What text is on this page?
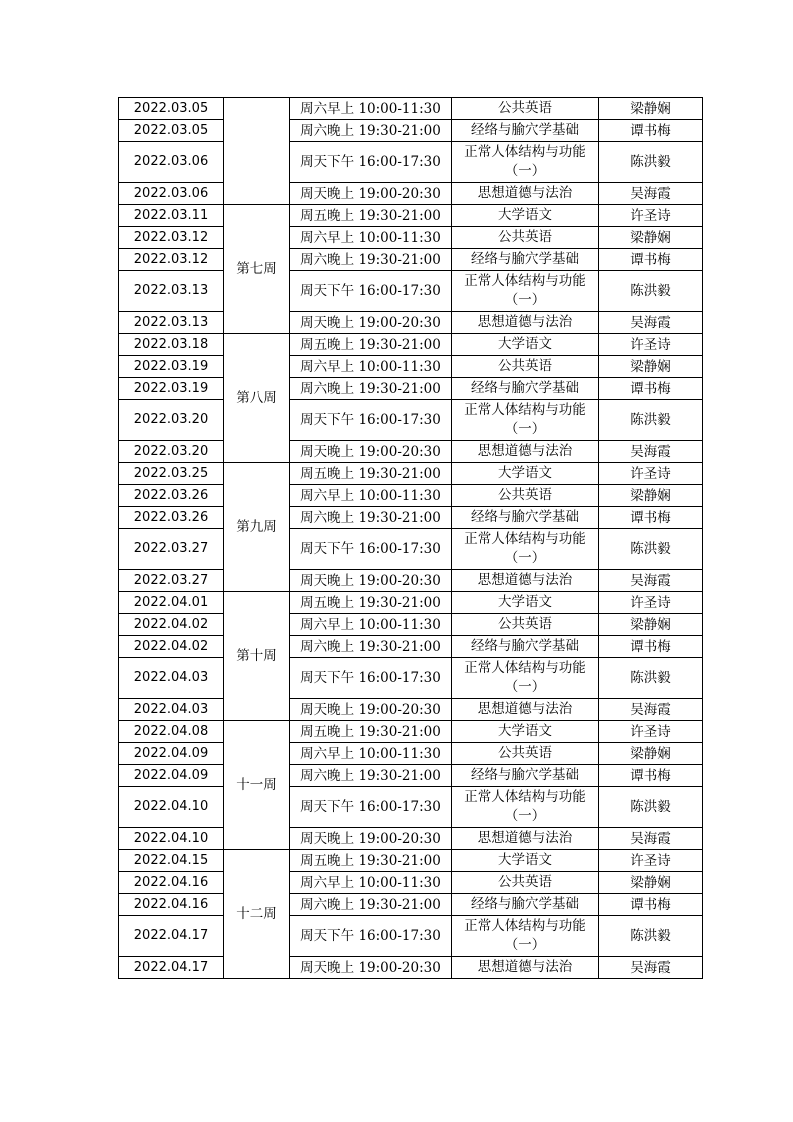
2022.03.05		周六早上 10:00-11:30	公共英语	梁静娴
2022.03.05		周六晚上 19:30-21:00	经络与腧穴学基础	谭书梅
2022.03.06		周天下午 16:00-17:30	正常人体结构与功能（一）	陈洪毅
2022.03.06		周天晚上 19:00-20:30	思想道德与法治	吴海霞
2022.03.11	第七周	周五晚上 19:30-21:00	大学语文	许圣诗
2022.03.12		周六早上 10:00-11:30	公共英语	梁静娴
2022.03.12		周六晚上 19:30-21:00	经络与腧穴学基础	谭书梅
2022.03.13		周天下午 16:00-17:30	正常人体结构与功能（一）	陈洪毅
2022.03.13		周天晚上 19:00-20:30	思想道德与法治	吴海霞
2022.03.18	第八周	周五晚上 19:30-21:00	大学语文	许圣诗
2022.03.19		周六早上 10:00-11:30	公共英语	梁静娴
2022.03.19		周六晚上 19:30-21:00	经络与腧穴学基础	谭书梅
2022.03.20		周天下午 16:00-17:30	正常人体结构与功能（一）	陈洪毅
2022.03.20		周天晚上 19:00-20:30	思想道德与法治	吴海霞
2022.03.25	第九周	周五晚上 19:30-21:00	大学语文	许圣诗
2022.03.26		周六早上 10:00-11:30	公共英语	梁静娴
2022.03.26		周六晚上 19:30-21:00	经络与腧穴学基础	谭书梅
2022.03.27		周天下午 16:00-17:30	正常人体结构与功能（一）	陈洪毅
2022.03.27		周天晚上 19:00-20:30	思想道德与法治	吴海霞
2022.04.01	第十周	周五晚上 19:30-21:00	大学语文	许圣诗
2022.04.02		周六早上 10:00-11:30	公共英语	梁静娴
2022.04.02		周六晚上 19:30-21:00	经络与腧穴学基础	谭书梅
2022.04.03		周天下午 16:00-17:30	正常人体结构与功能（一）	陈洪毅
2022.04.03		周天晚上 19:00-20:30	思想道德与法治	吴海霞
2022.04.08	十一周	周五晚上 19:30-21:00	大学语文	许圣诗
2022.04.09		周六早上 10:00-11:30	公共英语	梁静娴
2022.04.09		周六晚上 19:30-21:00	经络与腧穴学基础	谭书梅
2022.04.10		周天下午 16:00-17:30	正常人体结构与功能（一）	陈洪毅
2022.04.10		周天晚上 19:00-20:30	思想道德与法治	吴海霞
2022.04.15	十二周	周五晚上 19:30-21:00	大学语文	许圣诗
2022.04.16		周六早上 10:00-11:30	公共英语	梁静娴
2022.04.16		周六晚上 19:30-21:00	经络与腧穴学基础	谭书梅
2022.04.17		周天下午 16:00-17:30	正常人体结构与功能（一）	陈洪毅
2022.04.17		周天晚上 19:00-20:30	思想道德与法治	吴海霞
